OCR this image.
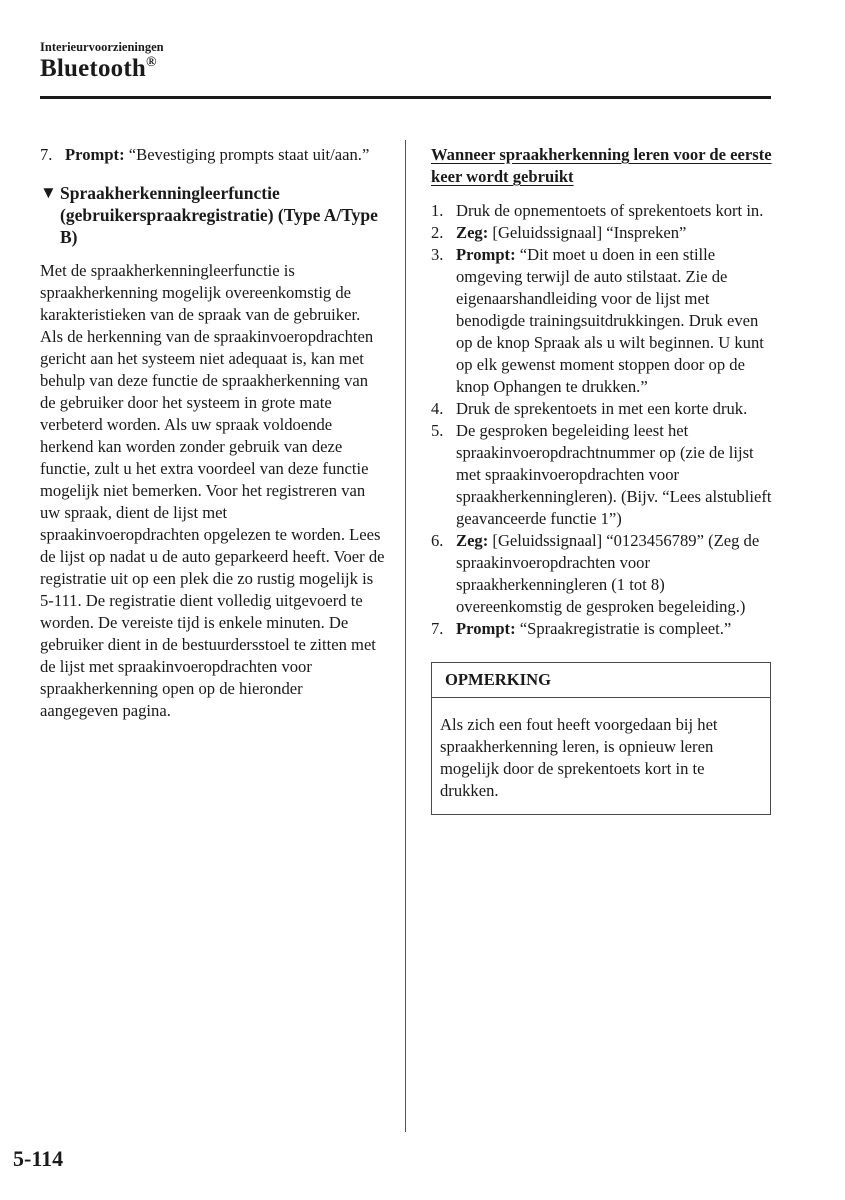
Interieurvoorzieningen
Bluetooth®
7. Prompt: “Bevestiging prompts staat uit/aan.”
▼ Spraakherkenningleerfunctie (gebruikerspraakregistratie) (Type A/Type B)
Met de spraakherkenningleerfunctie is spraakherkenning mogelijk overeenkomstig de karakteristieken van de spraak van de gebruiker. Als de herkenning van de spraakinvoeropdrachten gericht aan het systeem niet adequaat is, kan met behulp van deze functie de spraakherkenning van de gebruiker door het systeem in grote mate verbeterd worden. Als uw spraak voldoende herkend kan worden zonder gebruik van deze functie, zult u het extra voordeel van deze functie mogelijk niet bemerken. Voor het registreren van uw spraak, dient de lijst met spraakinvoeropdrachten opgelezen te worden. Lees de lijst op nadat u de auto geparkeerd heeft. Voer de registratie uit op een plek die zo rustig mogelijk is 5-111. De registratie dient volledig uitgevoerd te worden. De vereiste tijd is enkele minuten. De gebruiker dient in de bestuurdersstoel te zitten met de lijst met spraakinvoeropdrachten voor spraakherkenning open op de hieronder aangegeven pagina.

Wanneer spraakherkenning leren voor de eerste keer wordt gebruikt

1. Druk de opnementoets of sprekentoets kort in.
2. Zeg: [Geluidssignaal] “Inspreken”
3. Prompt: “Dit moet u doen in een stille omgeving terwijl de auto stilstaat. Zie de eigenaarshandleiding voor de lijst met benodigde trainingsuitdrukkingen. Druk even op de knop Spraak als u wilt beginnen. U kunt op elk gewenst moment stoppen door op de knop Ophangen te drukken.”
4. Druk de sprekentoets in met een korte druk.
5. De gesproken begeleiding leest het spraakinvoeropdrachtnummer op (zie de lijst met spraakinvoeropdrachten voor spraakherkenningleren). (Bijv. “Lees alstublieft geavanceerde functie 1”)
6. Zeg: [Geluidssignaal] “0123456789” (Zeg de spraakinvoeropdrachten voor spraakherkenningleren (1 tot 8) overeenkomstig de gesproken begeleiding.)
7. Prompt: “Spraakregistratie is compleet.”
OPMERKING
Als zich een fout heeft voorgedaan bij het spraakherkenning leren, is opnieuw leren mogelijk door de sprekentoets kort in te drukken.
5-114
